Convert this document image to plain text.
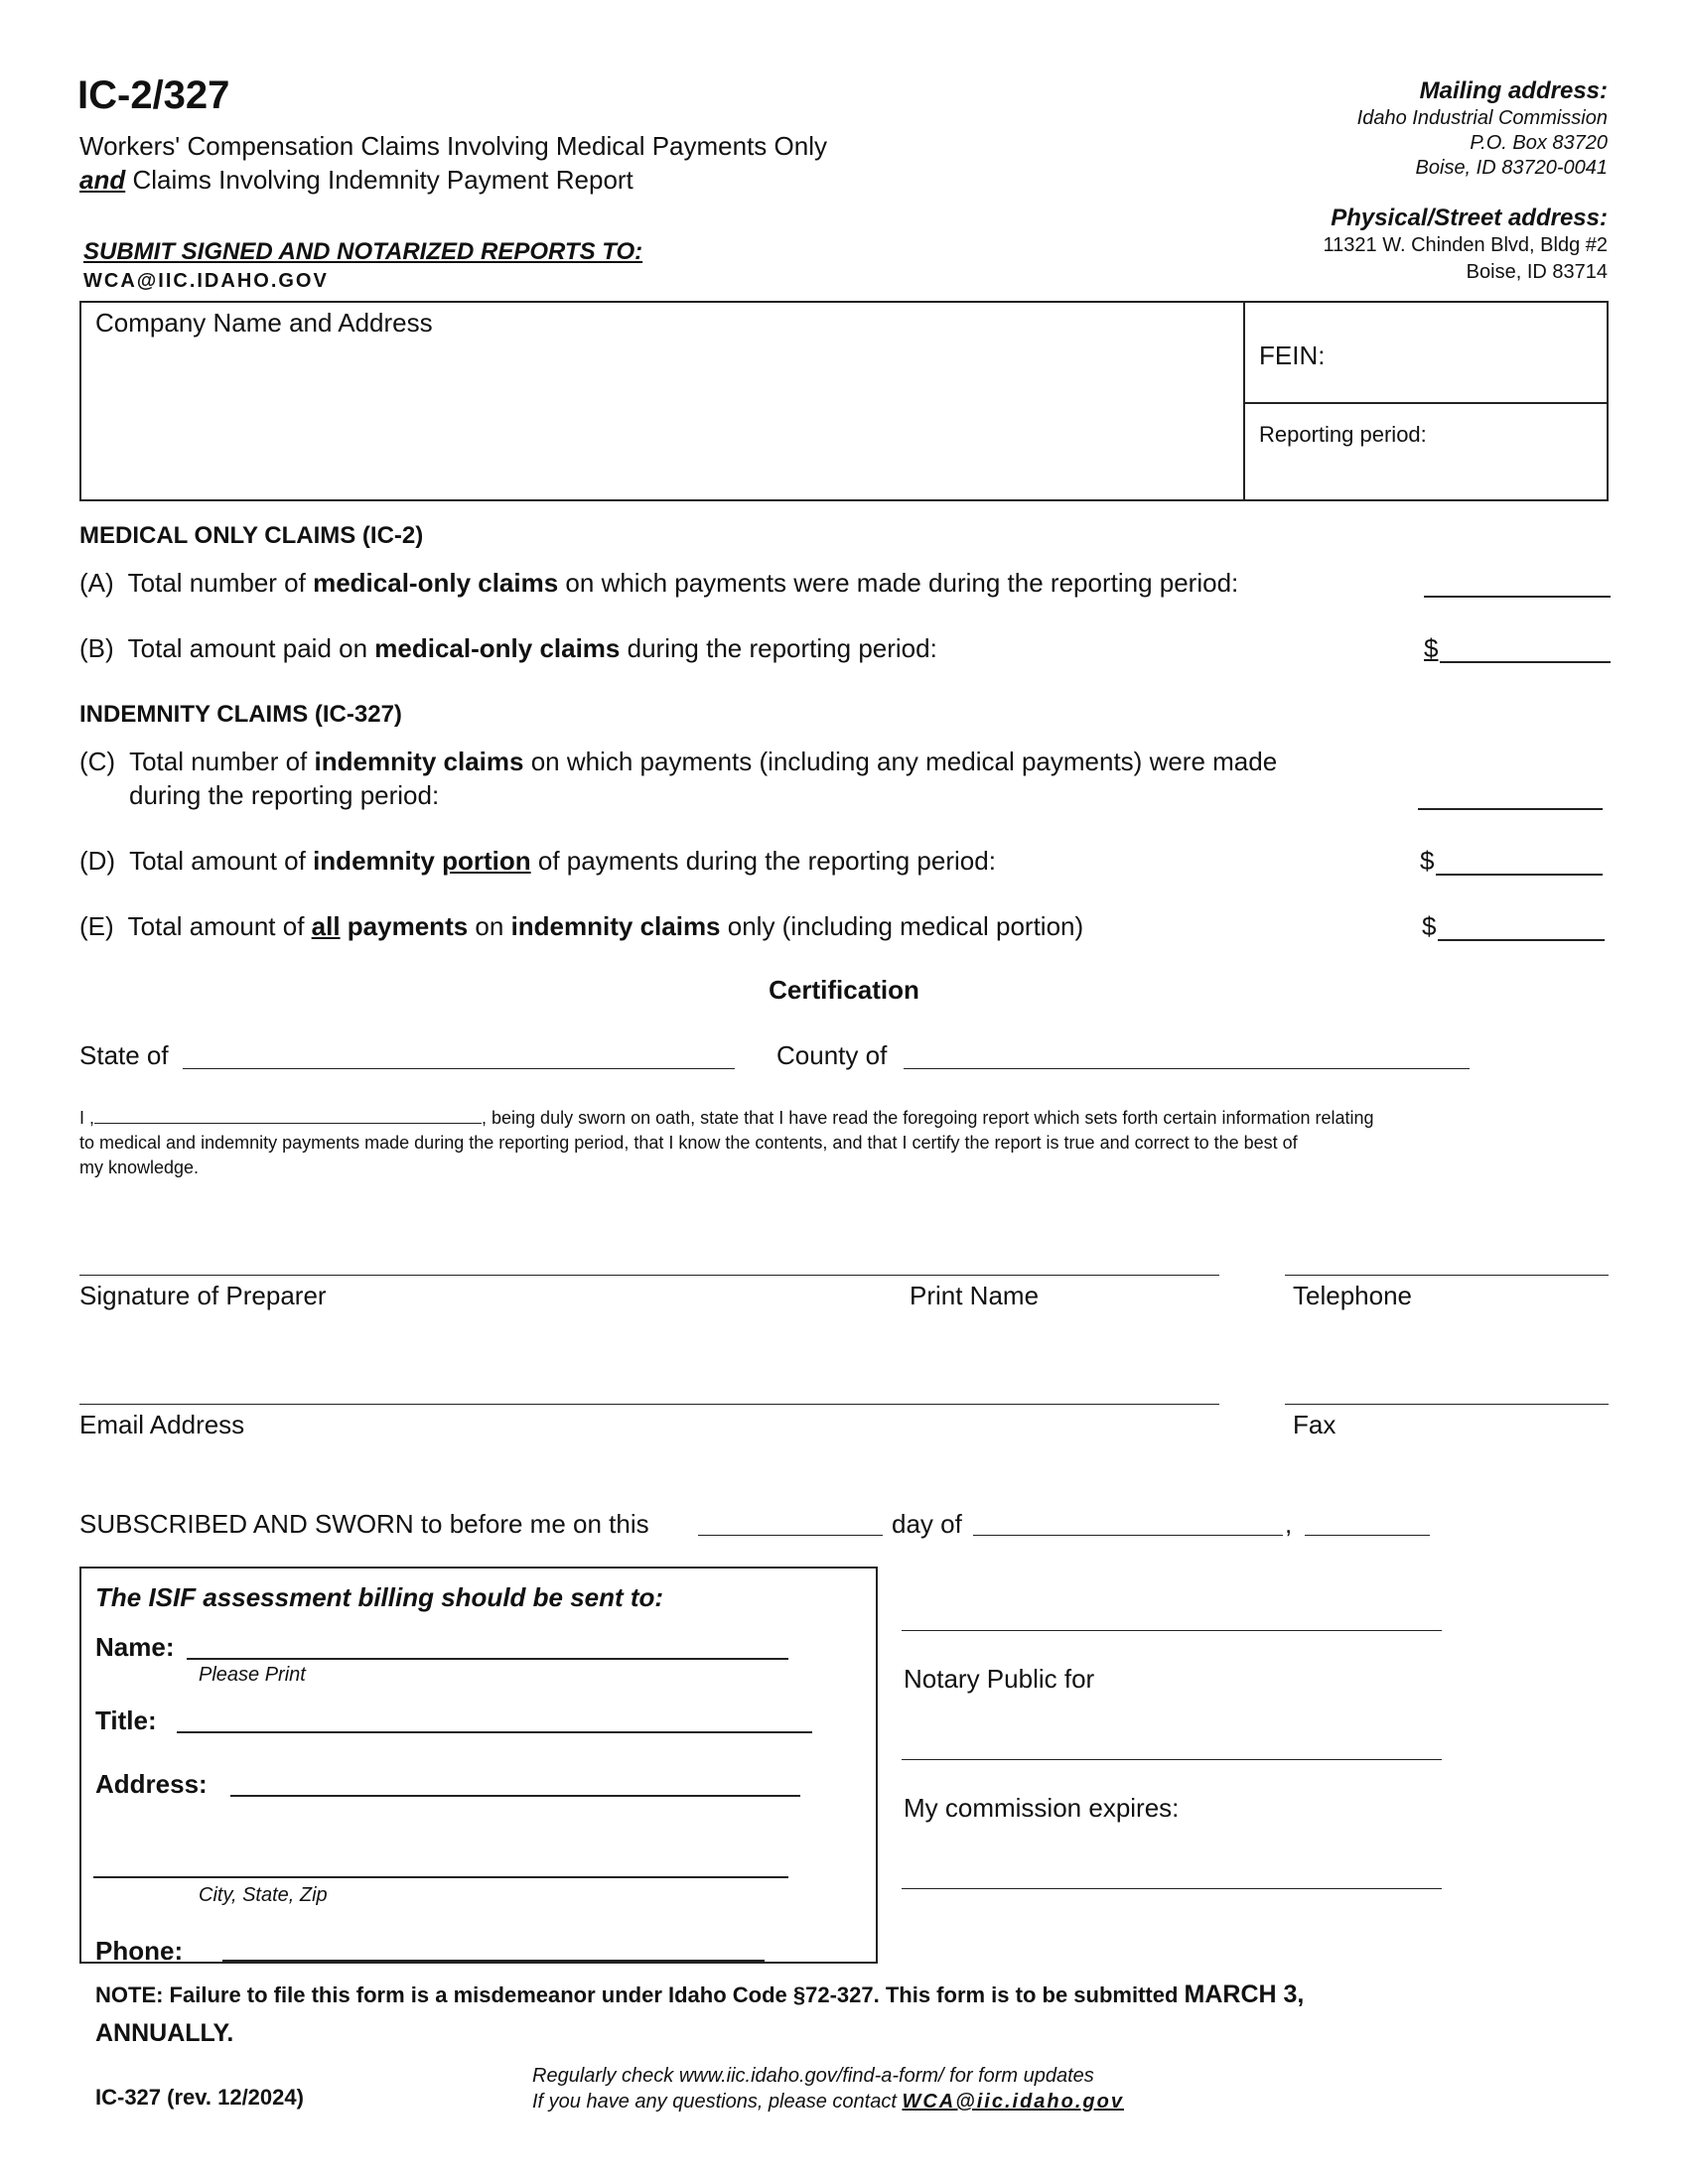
IC-2/327
Workers' Compensation Claims Involving Medical Payments Only
and Claims Involving Indemnity Payment Report
SUBMIT SIGNED AND NOTARIZED REPORTS TO:
WCA@IIC.IDAHO.GOV
Mailing address:
Idaho Industrial Commission
P.O. Box 83720
Boise, ID 83720-0041
Physical/Street address:
11321 W. Chinden Blvd, Bldg #2
Boise, ID 83714
Company Name and Address
FEIN:
Reporting period:
MEDICAL ONLY CLAIMS (IC-2)
(A) Total number of medical-only claims on which payments were made during the reporting period:
(B) Total amount paid on medical-only claims during the reporting period:	$
INDEMNITY CLAIMS (IC-327)
(C) Total number of indemnity claims on which payments (including any medical payments) were made
during the reporting period:
(D) Total amount of indemnity portion of payments during the reporting period:	$
(E) Total amount of all payments on indemnity claims only (including medical portion)	$
Certification
State of	County of
I ,	, being duly sworn on oath, state that I have read the foregoing report which sets forth certain information relating
to medical and indemnity payments made during the reporting period, that I know the contents, and that I certify the report is true and correct to the best of
my knowledge.
Signature of Preparer	Print Name	Telephone
Email Address	Fax
SUBSCRIBED AND SWORN to before me on this	day of	,
The ISIF assessment billing should be sent to:
Name:
Please Print
Title:
Address:
City, State, Zip
Phone:
Notary Public for
My commission expires:
NOTE: Failure to file this form is a misdemeanor under Idaho Code §72-327. This form is to be submitted MARCH 3,
ANNUALLY.
IC-327 (rev. 12/2024)
Regularly check www.iic.idaho.gov/find-a-form/ for form updates
If you have any questions, please contact WCA@iic.idaho.gov
